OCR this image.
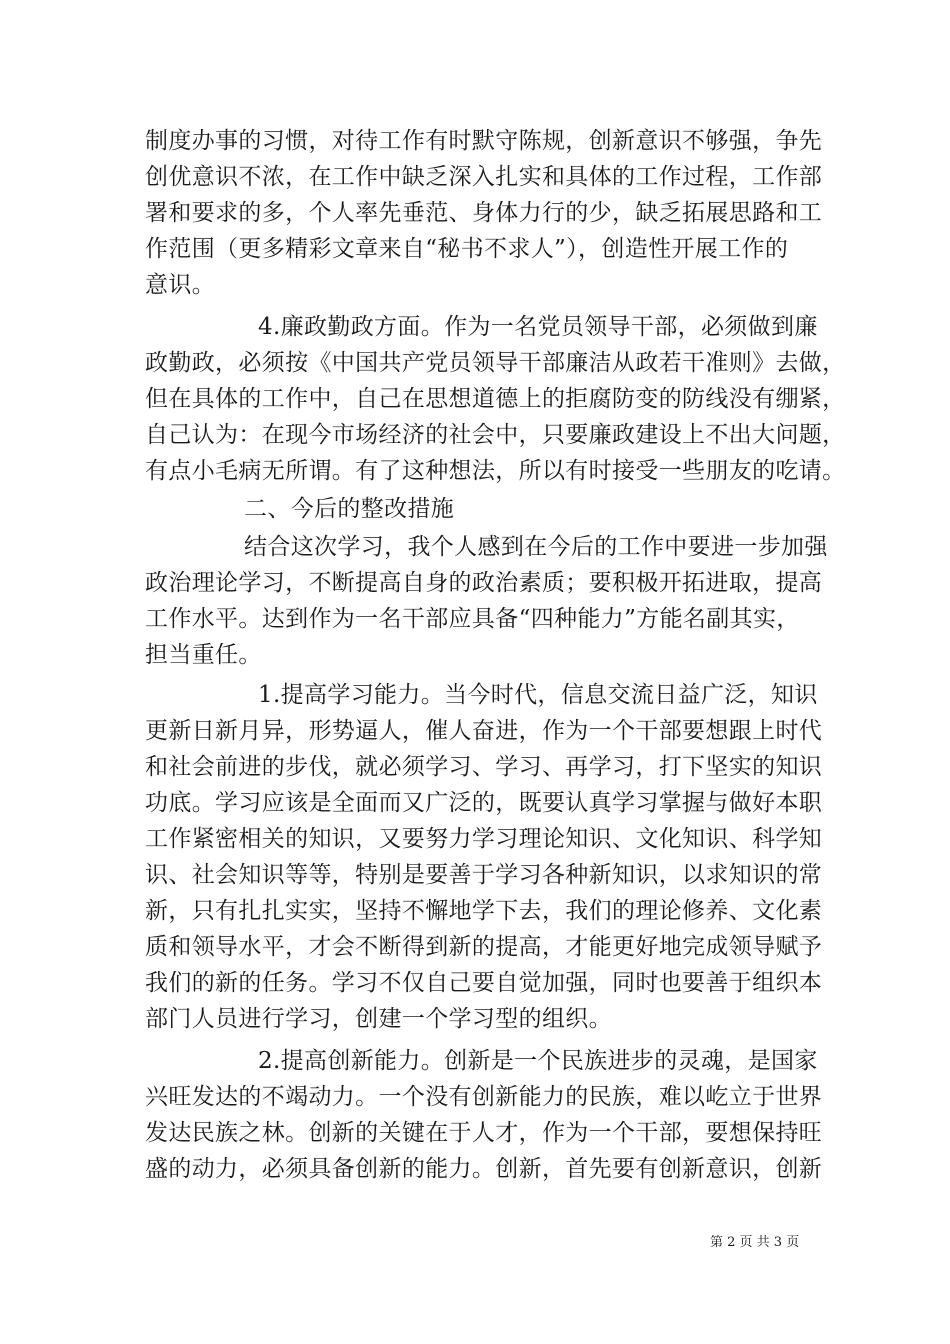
制度办事的习惯，对待工作有时默守陈规，创新意识不够强，争先
创优意识不浓，在工作中缺乏深入扎实和具体的工作过程，工作部
署和要求的多，个人率先垂范、身体力行的少，缺乏拓展思路和工
作范围（更多精彩文章来自“秘书不求人”），创造性开展工作的
意识。
4.廉政勤政方面。作为一名党员领导干部，必须做到廉
政勤政，必须按《中国共产党员领导干部廉洁从政若干准则》去做，
但在具体的工作中，自己在思想道德上的拒腐防变的防线没有绷紧，
自己认为：在现今市场经济的社会中，只要廉政建设上不出大问题，
有点小毛病无所谓。有了这种想法，所以有时接受一些朋友的吃请。
二、今后的整改措施
结合这次学习，我个人感到在今后的工作中要进一步加强
政治理论学习，不断提高自身的政治素质；要积极开拓进取，提高
工作水平。达到作为一名干部应具备“四种能力”方能名副其实，
担当重任。
1.提高学习能力。当今时代，信息交流日益广泛，知识
更新日新月异，形势逼人，催人奋进，作为一个干部要想跟上时代
和社会前进的步伐，就必须学习、学习、再学习，打下坚实的知识
功底。学习应该是全面而又广泛的，既要认真学习掌握与做好本职
工作紧密相关的知识，又要努力学习理论知识、文化知识、科学知
识、社会知识等等，特别是要善于学习各种新知识，以求知识的常
新，只有扎扎实实，坚持不懈地学下去，我们的理论修养、文化素
质和领导水平，才会不断得到新的提高，才能更好地完成领导赋予
我们的新的任务。学习不仅自己要自觉加强，同时也要善于组织本
部门人员进行学习，创建一个学习型的组织。
2.提高创新能力。创新是一个民族进步的灵魂，是国家
兴旺发达的不竭动力。一个没有创新能力的民族，难以屹立于世界
发达民族之林。创新的关键在于人才，作为一个干部，要想保持旺
盛的动力，必须具备创新的能力。创新，首先要有创新意识，创新
第 2 页 共 3 页
